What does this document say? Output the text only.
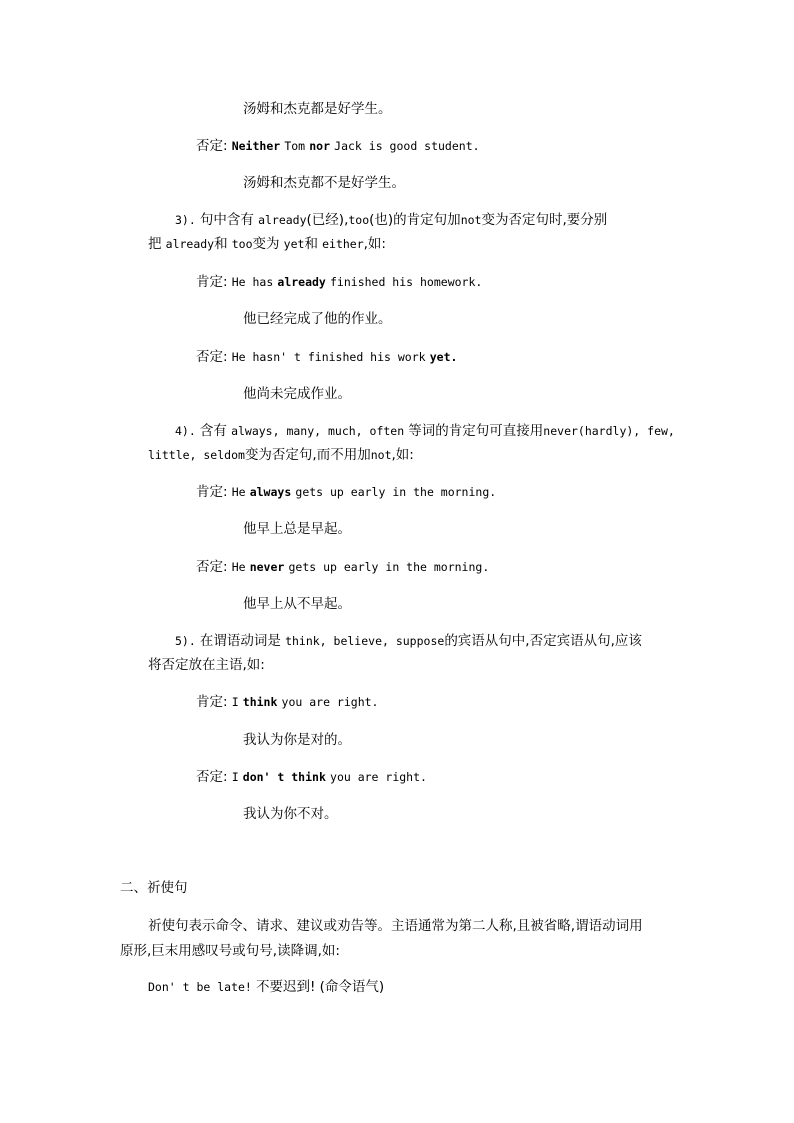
汤姆和杰克都是好学生。
否定: Neither Tom nor Jack is good student.
汤姆和杰克都不是好学生。
3). 句中含有 already(已经),too(也)的肯定句加not变为否定句时,要分别
把 already和 too变为 yet和 either,如:
肯定: He has already finished his homework.
他已经完成了他的作业。
否定: He hasn' t finished his work yet.
他尚未完成作业。
4). 含有 always, many, much, often 等词的肯定句可直接用never(hardly), few,
little, seldom变为否定句,而不用加not,如:
肯定: He always gets up early in the morning.
他早上总是早起。
否定: He never gets up early in the morning.
他早上从不早起。
5). 在谓语动词是 think, believe, suppose的宾语从句中,否定宾语从句,应该
将否定放在主语,如:
肯定: I think you are right.
我认为你是对的。
否定: I don' t think you are right.
我认为你不对。
二、祈使句
祈使句表示命令、请求、建议或劝告等。主语通常为第二人称,且被省略,谓语动词用
原形,巨末用感叹号或句号,读降调,如:
Don' t be late! 不要迟到! (命令语气)
